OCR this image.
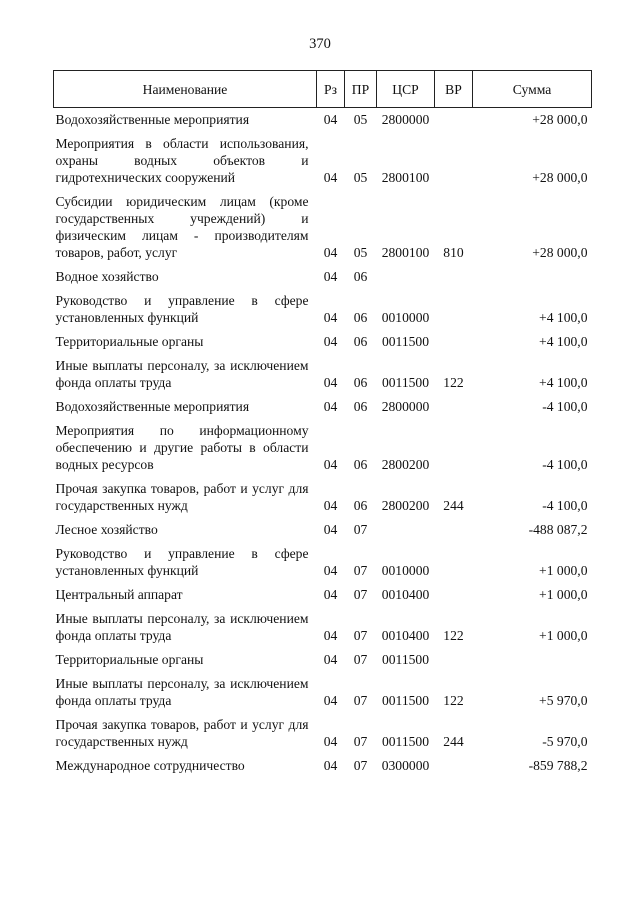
370
Наименование	Рз	ПР	ЦСР	ВР	Сумма
Водохозяйственные мероприятия	04	05	2800000		+28 000,0
Мероприятия в области использования, охраны водных объектов и гидротехнических сооружений	04	05	2800100		+28 000,0
Субсидии юридическим лицам (кроме государственных учреждений) и физическим лицам - производителям товаров, работ, услуг	04	05	2800100	810	+28 000,0
Водное хозяйство	04	06			
Руководство и управление в сфере установленных функций	04	06	0010000		+4 100,0
Территориальные органы	04	06	0011500		+4 100,0
Иные выплаты персоналу, за исключением фонда оплаты труда	04	06	0011500	122	+4 100,0
Водохозяйственные мероприятия	04	06	2800000		-4 100,0
Мероприятия по информационному обеспечению и другие работы в области водных ресурсов	04	06	2800200		-4 100,0
Прочая закупка товаров, работ и услуг для государственных нужд	04	06	2800200	244	-4 100,0
Лесное хозяйство	04	07			-488 087,2
Руководство и управление в сфере установленных функций	04	07	0010000		+1 000,0
Центральный аппарат	04	07	0010400		+1 000,0
Иные выплаты персоналу, за исключением фонда оплаты труда	04	07	0010400	122	+1 000,0
Территориальные органы	04	07	0011500		
Иные выплаты персоналу, за исключением фонда оплаты труда	04	07	0011500	122	+5 970,0
Прочая закупка товаров, работ и услуг для государственных нужд	04	07	0011500	244	-5 970,0
Международное сотрудничество	04	07	0300000		-859 788,2
